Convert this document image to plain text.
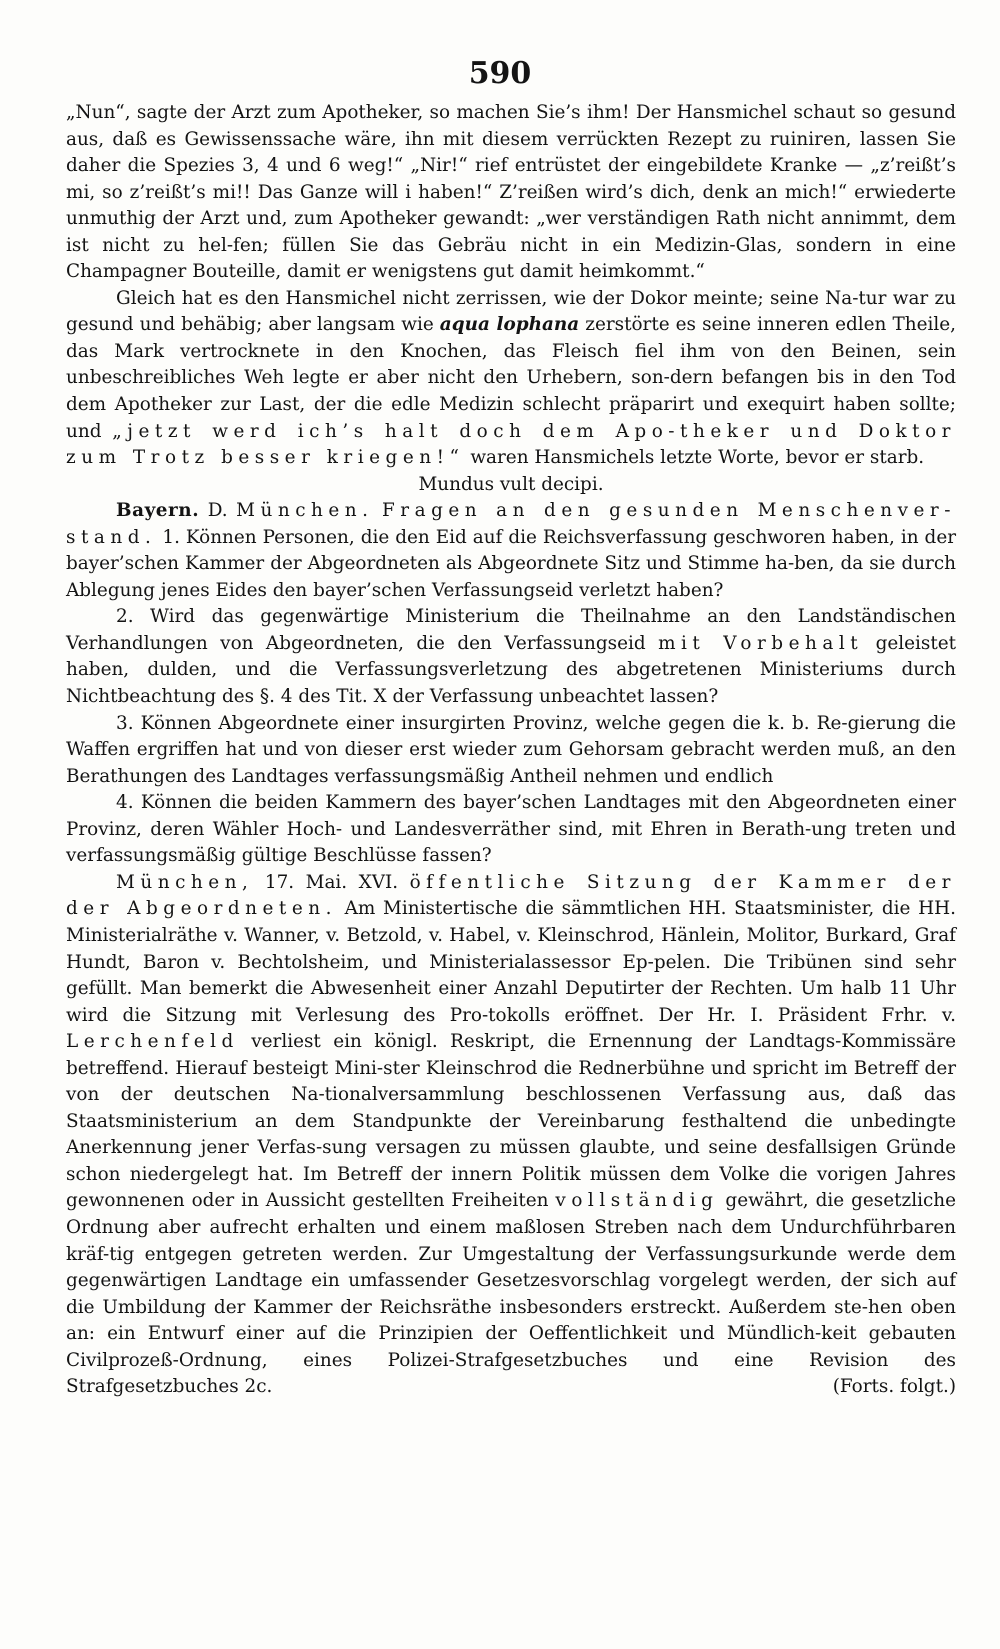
590

„Nun“, sagte der Arzt zum Apotheker, so machen Sie’s ihm! Der Hansmichel schaut so gesund aus, daß es Gewissenssache wäre, ihn mit diesem verrückten Rezept zu ruiniren, lassen Sie daher die Spezies 3, 4 und 6 weg!“ „Nir!“ rief entrüstet der eingebildete Kranke — „z’reißt’s mi, so z’reißt’s mi!! Das Ganze will i haben!“ Z’reißen wird’s dich, denk an mich!“ erwiederte unmuthig der Arzt und, zum Apotheker gewandt: „wer verständigen Rath nicht annimmt, dem ist nicht zu hel-fen; füllen Sie das Gebräu nicht in ein Medizin-Glas, sondern in eine Champagner Bouteille, damit er wenigstens gut damit heimkommt.“

Gleich hat es den Hansmichel nicht zerrissen, wie der Dokor meinte; seine Na-tur war zu gesund und behäbig; aber langsam wie aqua lophana zerstörte es seine inneren edlen Theile, das Mark vertrocknete in den Knochen, das Fleisch fiel ihm von den Beinen, sein unbeschreibliches Weh legte er aber nicht den Urhebern, son-dern befangen bis in den Tod dem Apotheker zur Last, der die edle Medizin schlecht präparirt und exequirt haben sollte; und „jetzt werd ich’s halt doch dem Apo-theker und Doktor zum Trotz besser kriegen!“ waren Hansmichels letzte Worte, bevor er starb.

Mundus vult decipi.

Bayern. D. München. Fragen an den gesunden Menschenver-stand. 1. Können Personen, die den Eid auf die Reichsverfassung geschworen haben, in der bayer’schen Kammer der Abgeordneten als Abgeordnete Sitz und Stimme ha-ben, da sie durch Ablegung jenes Eides den bayer’schen Verfassungseid verletzt haben?

2. Wird das gegenwärtige Ministerium die Theilnahme an den Landständischen Verhandlungen von Abgeordneten, die den Verfassungseid mit Vorbehalt geleistet haben, dulden, und die Verfassungsverletzung des abgetretenen Ministeriums durch Nichtbeachtung des §. 4 des Tit. X der Verfassung unbeachtet lassen?

3. Können Abgeordnete einer insurgirten Provinz, welche gegen die k. b. Re-gierung die Waffen ergriffen hat und von dieser erst wieder zum Gehorsam gebracht werden muß, an den Berathungen des Landtages verfassungsmäßig Antheil nehmen und endlich

4. Können die beiden Kammern des bayer’schen Landtages mit den Abgeordneten einer Provinz, deren Wähler Hoch- und Landesverräther sind, mit Ehren in Berath-ung treten und verfassungsmäßig gültige Beschlüsse fassen?

München, 17. Mai. XVI. öffentliche Sitzung der Kammer der der Abgeordneten. Am Ministertische die sämmtlichen HH. Staatsminister, die HH. Ministerialräthe v. Wanner, v. Betzold, v. Habel, v. Kleinschrod, Hänlein, Molitor, Burkard, Graf Hundt, Baron v. Bechtolsheim, und Ministerialassessor Ep-pelen. Die Tribünen sind sehr gefüllt. Man bemerkt die Abwesenheit einer Anzahl Deputirter der Rechten. Um halb 11 Uhr wird die Sitzung mit Verlesung des Pro-tokolls eröffnet. Der Hr. I. Präsident Frhr. v. Lerchenfeld verliest ein königl. Reskript, die Ernennung der Landtags-Kommissäre betreffend. Hierauf besteigt Mini-ster Kleinschrod die Rednerbühne und spricht im Betreff der von der deutschen Na-tionalversammlung beschlossenen Verfassung aus, daß das Staatsministerium an dem Standpunkte der Vereinbarung festhaltend die unbedingte Anerkennung jener Verfas-sung versagen zu müssen glaubte, und seine desfallsigen Gründe schon niedergelegt hat. Im Betreff der innern Politik müssen dem Volke die vorigen Jahres gewonnenen oder in Aussicht gestellten Freiheiten vollständig gewährt, die gesetzliche Ordnung aber aufrecht erhalten und einem maßlosen Streben nach dem Undurchführbaren kräf-tig entgegen getreten werden. Zur Umgestaltung der Verfassungsurkunde werde dem gegenwärtigen Landtage ein umfassender Gesetzesvorschlag vorgelegt werden, der sich auf die Umbildung der Kammer der Reichsräthe insbesonders erstreckt. Außerdem ste-hen oben an: ein Entwurf einer auf die Prinzipien der Oeffentlichkeit und Mündlich-keit gebauten Civilprozeß-Ordnung, eines Polizei-Strafgesetzbuches und eine Revision des Strafgesetzbuches 2c.	(Forts. folgt.)
